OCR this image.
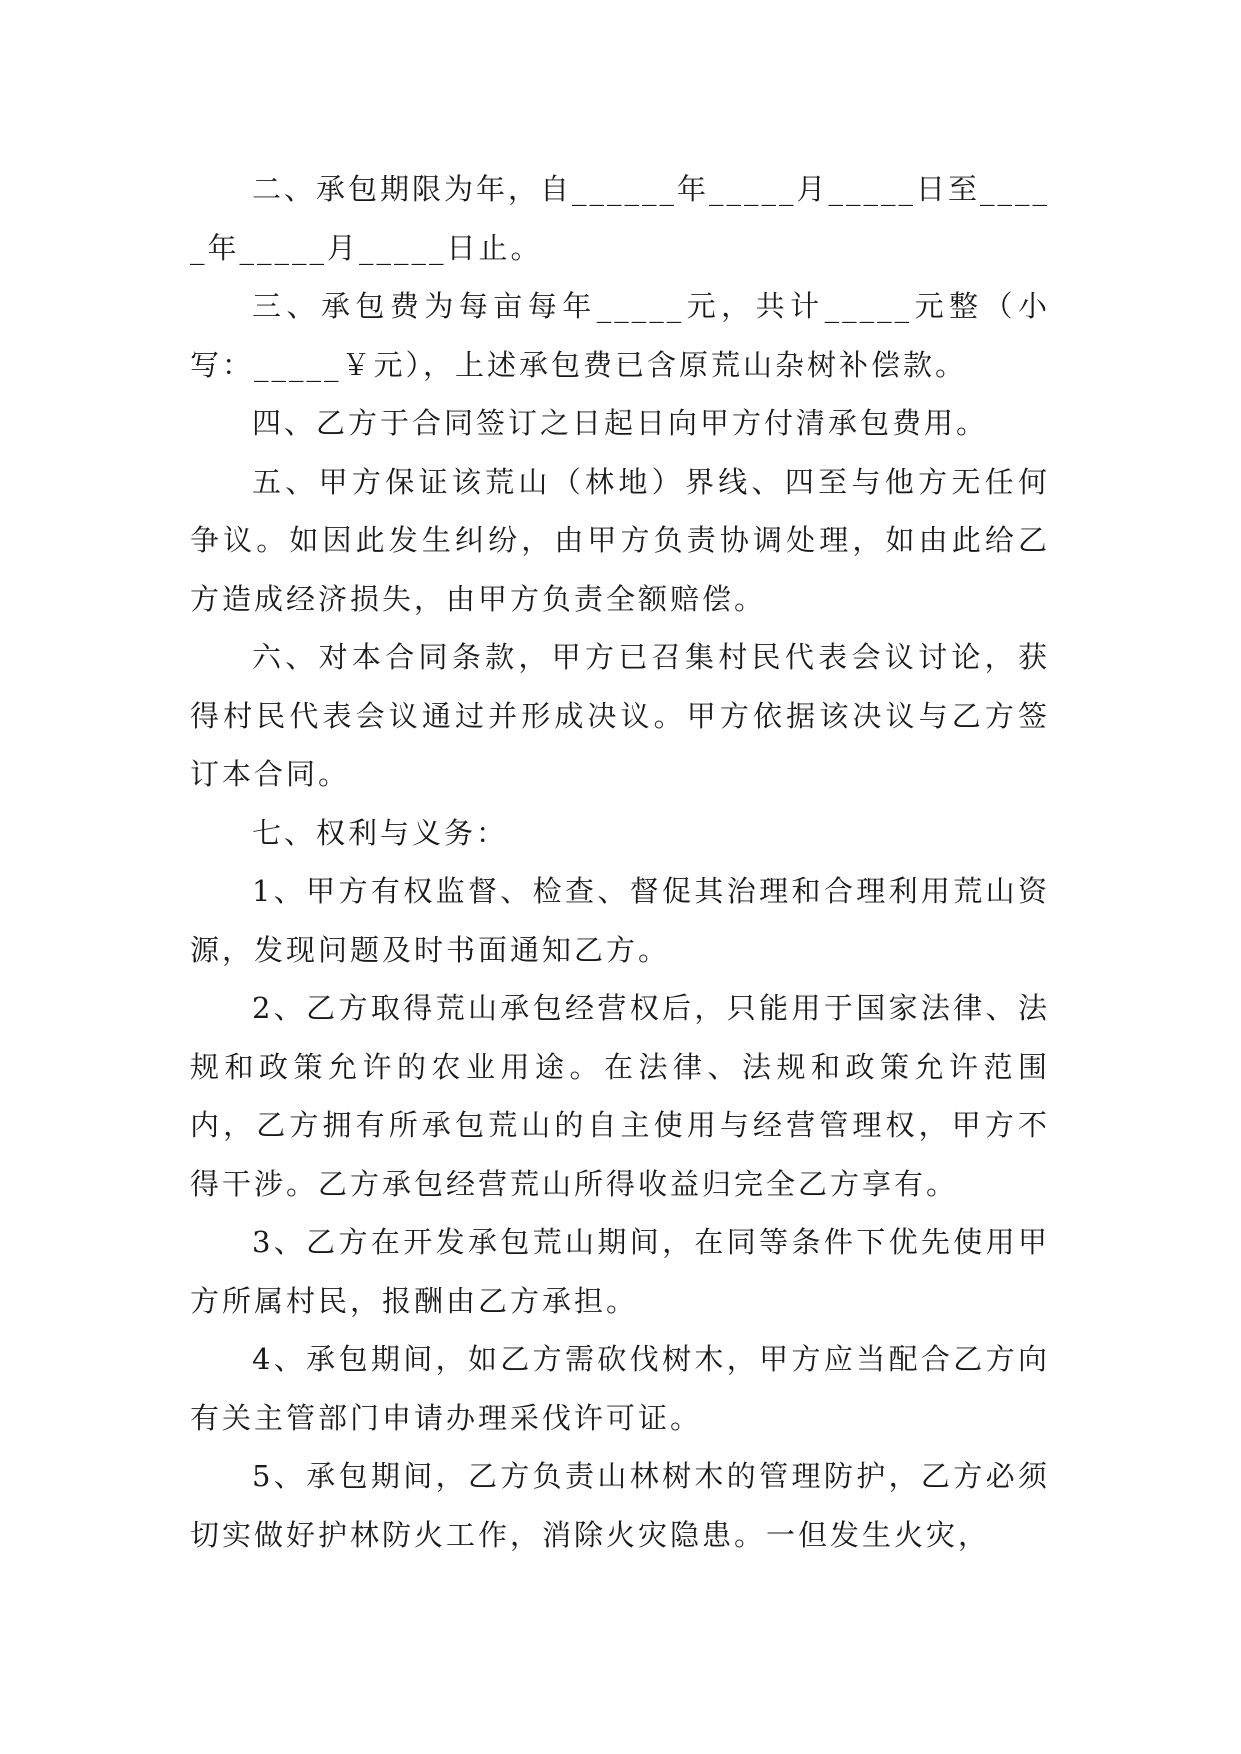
二、承包期限为年，自______年_____月_____日至_____年_____月_____日止。

三、承包费为每亩每年_____元，共计_____元整（小写：_____￥元），上述承包费已含原荒山杂树补偿款。

四、乙方于合同签订之日起日向甲方付清承包费用。

五、甲方保证该荒山（林地）界线、四至与他方无任何争议。如因此发生纠纷，由甲方负责协调处理，如由此给乙方造成经济损失，由甲方负责全额赔偿。

六、对本合同条款，甲方已召集村民代表会议讨论，获得村民代表会议通过并形成决议。甲方依据该决议与乙方签订本合同。

七、权利与义务：

1、甲方有权监督、检查、督促其治理和合理利用荒山资源，发现问题及时书面通知乙方。

2、乙方取得荒山承包经营权后，只能用于国家法律、法规和政策允许的农业用途。在法律、法规和政策允许范围内，乙方拥有所承包荒山的自主使用与经营管理权，甲方不得干涉。乙方承包经营荒山所得收益归完全乙方享有。

3、乙方在开发承包荒山期间，在同等条件下优先使用甲方所属村民，报酬由乙方承担。

4、承包期间，如乙方需砍伐树木，甲方应当配合乙方向有关主管部门申请办理采伐许可证。

5、承包期间，乙方负责山林树木的管理防护，乙方必须切实做好护林防火工作，消除火灾隐患。一但发生火灾，
